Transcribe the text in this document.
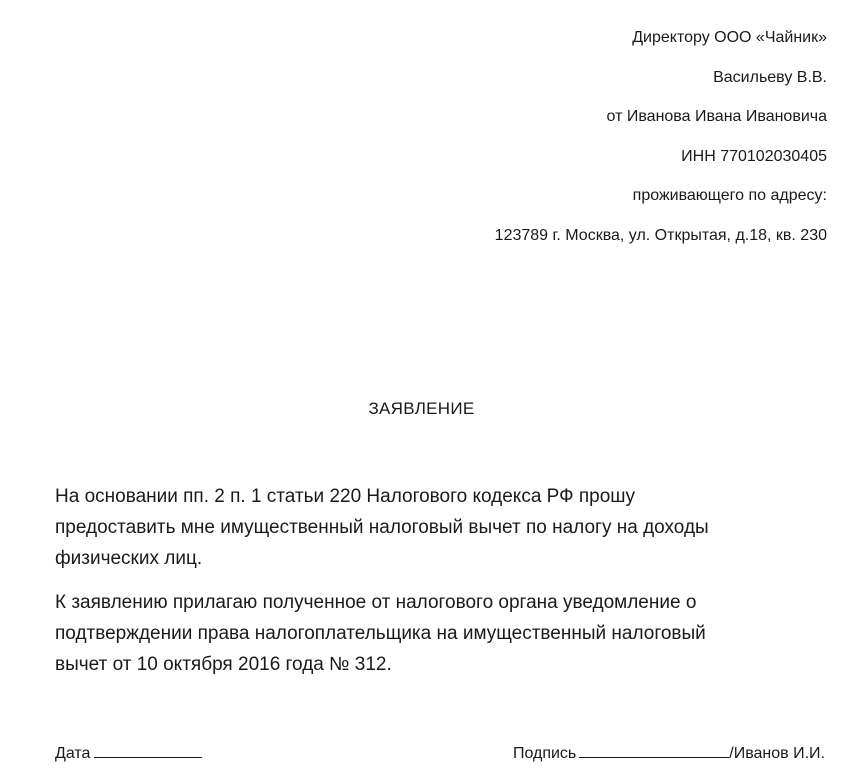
Директору ООО «Чайник»
Васильеву В.В.
от Иванова Ивана Ивановича
ИНН 770102030405
проживающего по адресу:
123789 г. Москва, ул. Открытая, д.18, кв. 230
ЗАЯВЛЕНИЕ
На основании пп. 2 п. 1 статьи 220 Налогового кодекса РФ прошу
предоставить мне имущественный налоговый вычет по налогу на доходы
физических лиц.
К заявлению прилагаю полученное от налогового органа уведомление о
подтверждении права налогоплательщика на имущественный налоговый
вычет от 10 октября 2016 года № 312.
Дата	Подпись	/Иванов И.И.
